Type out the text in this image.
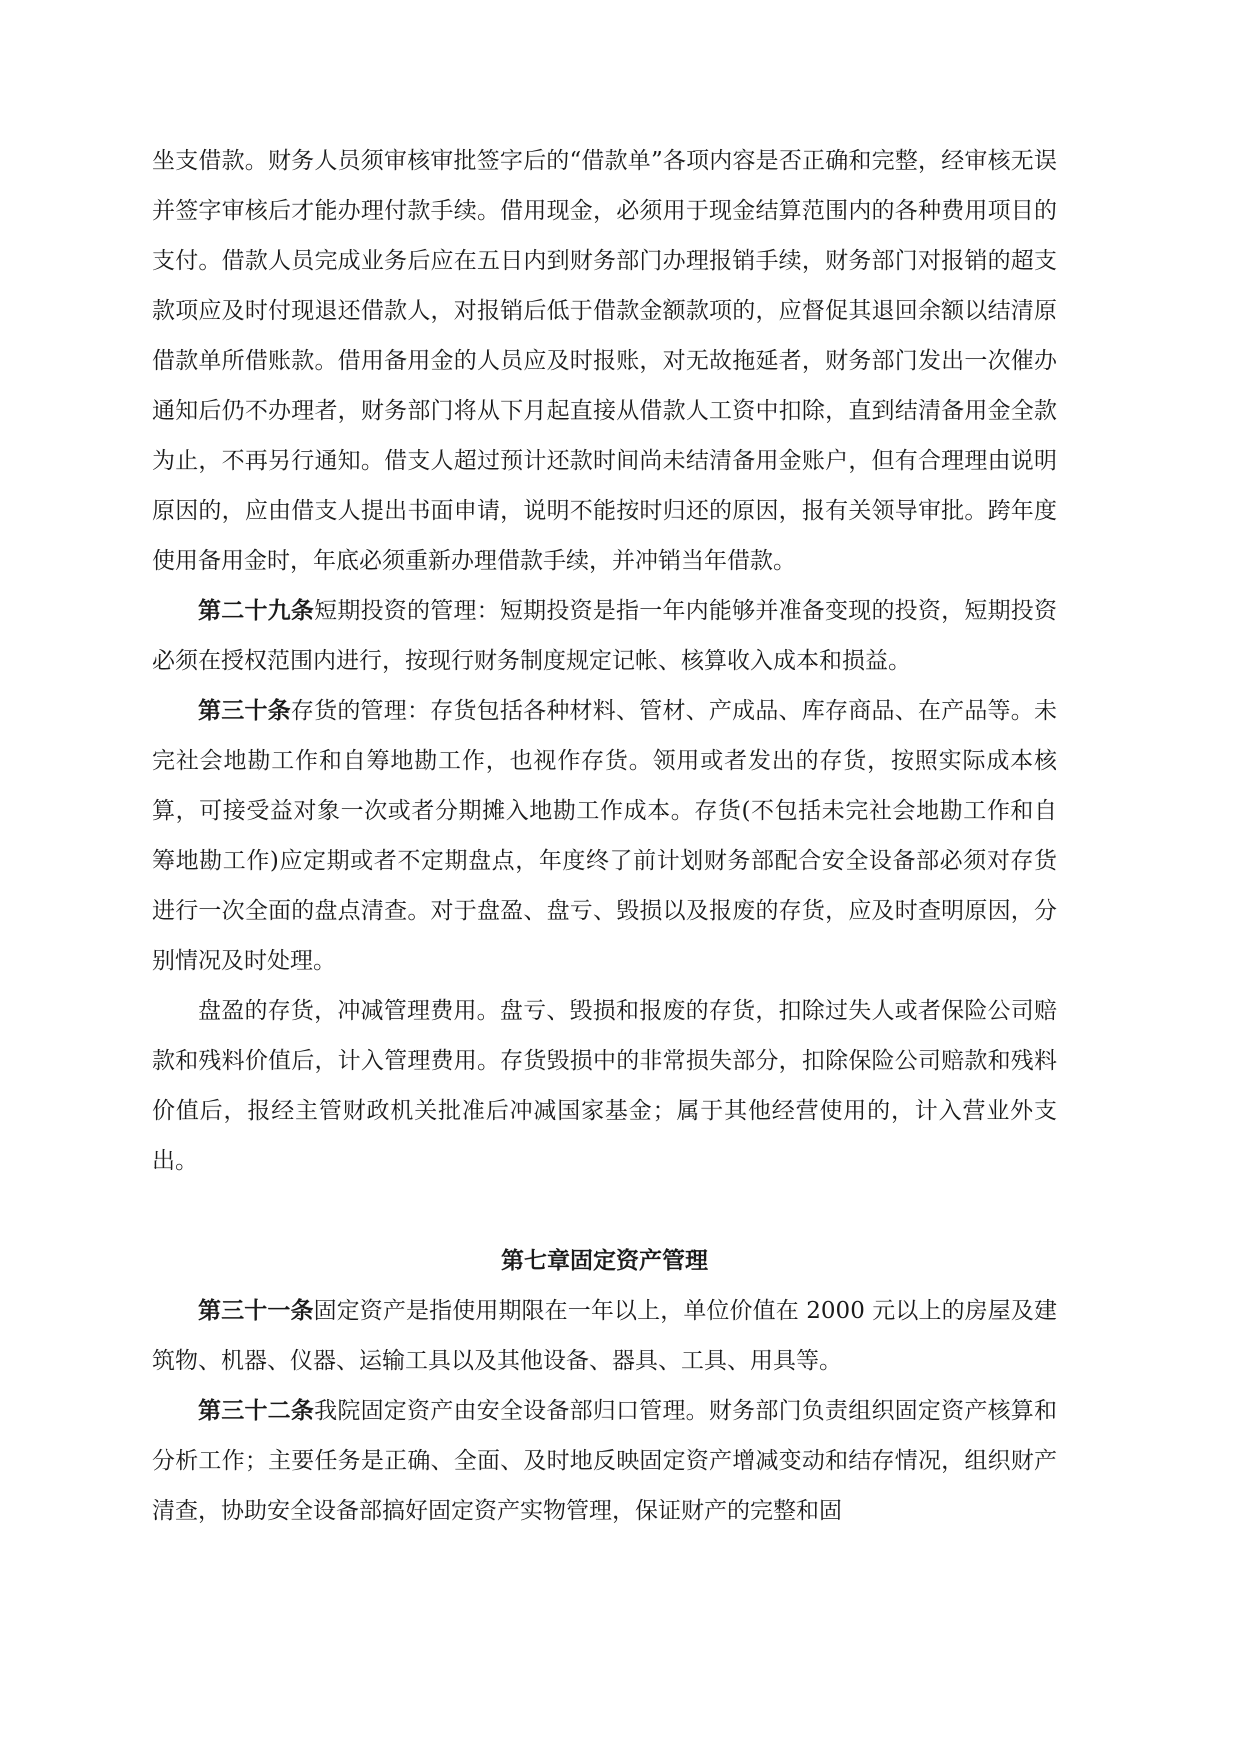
坐支借款。财务人员须审核审批签字后的“借款单”各项内容是否正确和完整，经审核无误并签字审核后才能办理付款手续。借用现金，必须用于现金结算范围内的各种费用项目的支付。借款人员完成业务后应在五日内到财务部门办理报销手续，财务部门对报销的超支款项应及时付现退还借款人，对报销后低于借款金额款项的，应督促其退回余额以结清原借款单所借账款。借用备用金的人员应及时报账，对无故拖延者，财务部门发出一次催办通知后仍不办理者，财务部门将从下月起直接从借款人工资中扣除，直到结清备用金全款为止，不再另行通知。借支人超过预计还款时间尚未结清备用金账户，但有合理理由说明原因的，应由借支人提出书面申请，说明不能按时归还的原因，报有关领导审批。跨年度使用备用金时，年底必须重新办理借款手续，并冲销当年借款。

第二十九条短期投资的管理：短期投资是指一年内能够并准备变现的投资，短期投资必须在授权范围内进行，按现行财务制度规定记帐、核算收入成本和损益。

第三十条存货的管理：存货包括各种材料、管材、产成品、库存商品、在产品等。未完社会地勘工作和自筹地勘工作，也视作存货。领用或者发出的存货，按照实际成本核算，可接受益对象一次或者分期摊入地勘工作成本。存货(不包括未完社会地勘工作和自筹地勘工作)应定期或者不定期盘点，年度终了前计划财务部配合安全设备部必须对存货进行一次全面的盘点清查。对于盘盈、盘亏、毁损以及报废的存货，应及时查明原因，分别情况及时处理。

盘盈的存货，冲减管理费用。盘亏、毁损和报废的存货，扣除过失人或者保险公司赔款和残料价值后，计入管理费用。存货毁损中的非常损失部分，扣除保险公司赔款和残料价值后，报经主管财政机关批准后冲减国家基金；属于其他经营使用的，计入营业外支出。

第七章固定资产管理

第三十一条固定资产是指使用期限在一年以上，单位价值在 2000 元以上的房屋及建筑物、机器、仪器、运输工具以及其他设备、器具、工具、用具等。

第三十二条我院固定资产由安全设备部归口管理。财务部门负责组织固定资产核算和分析工作；主要任务是正确、全面、及时地反映固定资产增减变动和结存情况，组织财产清查，协助安全设备部搞好固定资产实物管理，保证财产的完整和固
